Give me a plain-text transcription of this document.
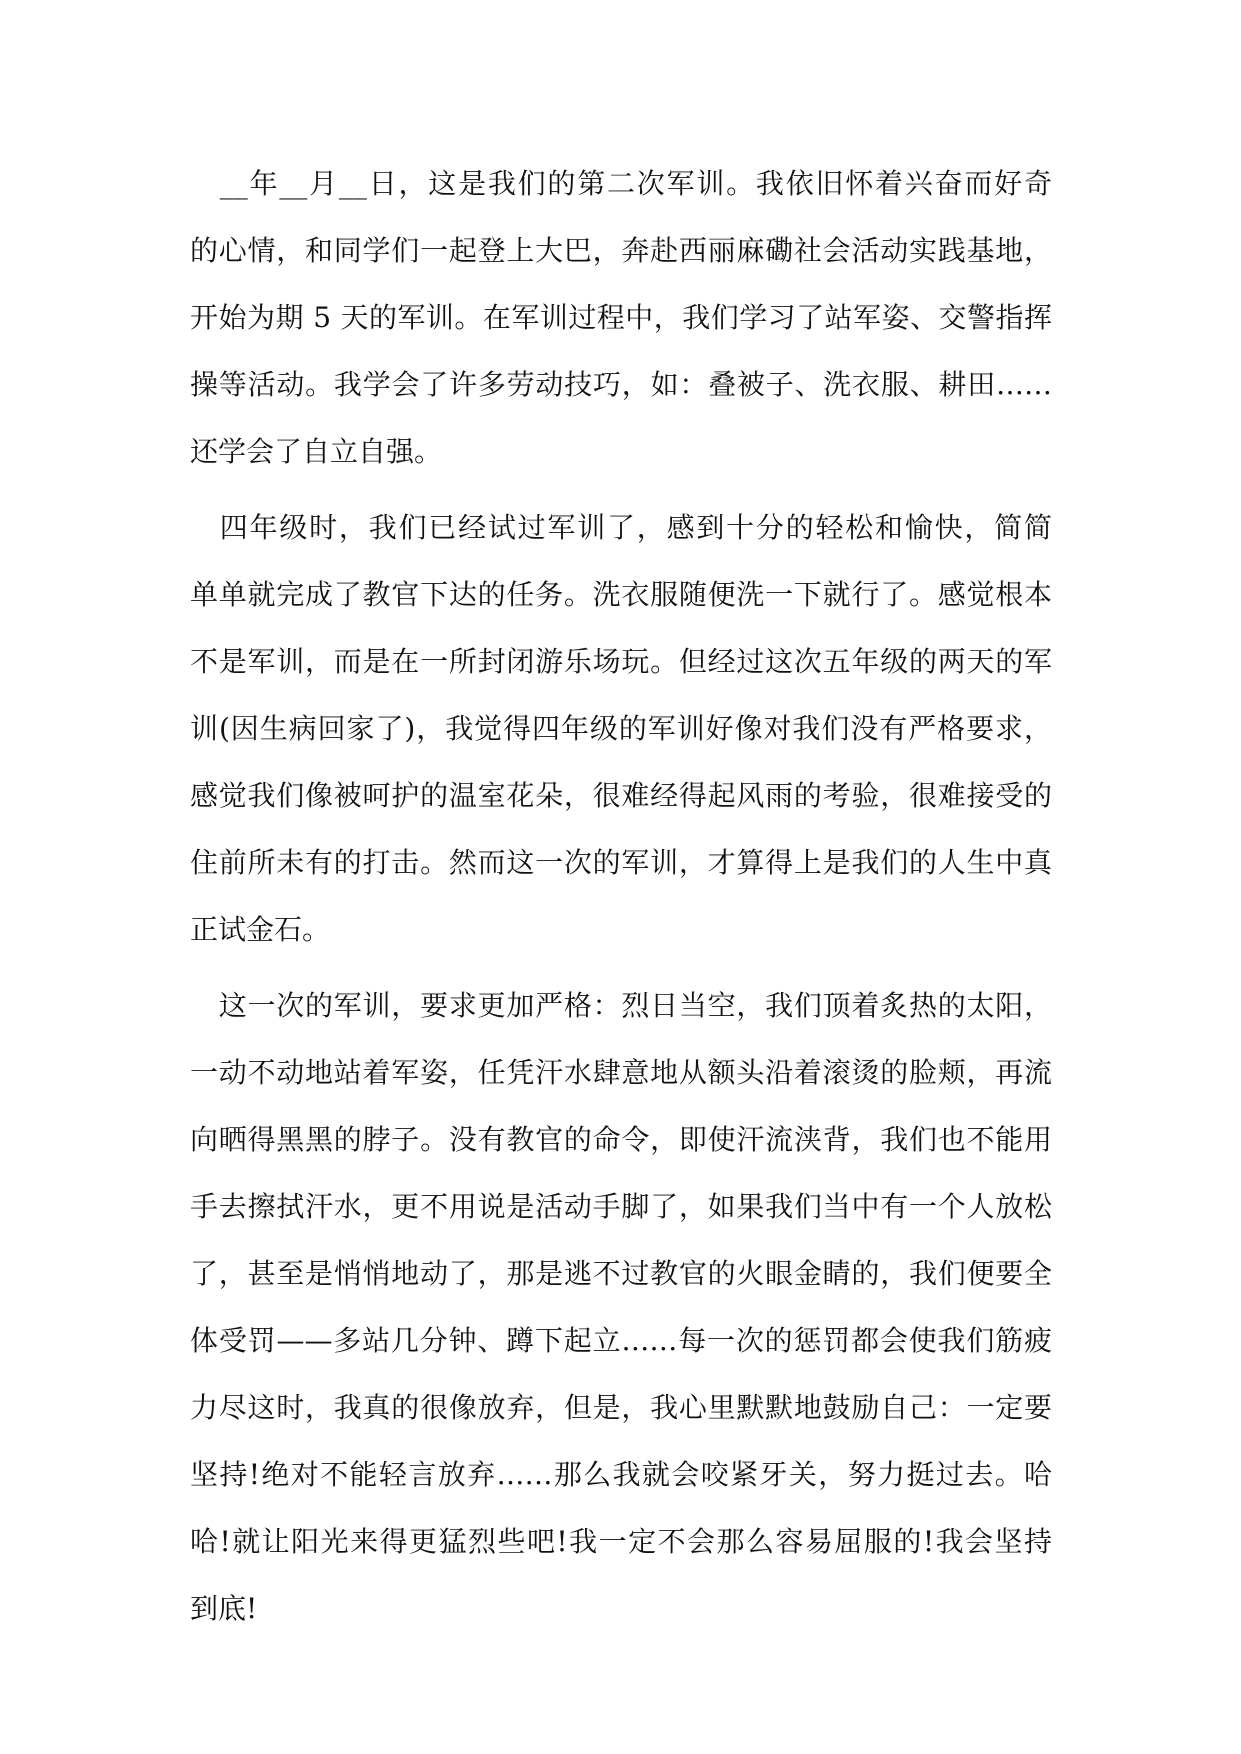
　__年__月__日，这是我们的第二次军训。我依旧怀着兴奋而好奇
的心情，和同学们一起登上大巴，奔赴西丽麻磡社会活动实践基地，
开始为期 5 天的军训。在军训过程中，我们学习了站军姿、交警指挥
操等活动。我学会了许多劳动技巧，如：叠被子、洗衣服、耕田……
还学会了自立自强。
　四年级时，我们已经试过军训了，感到十分的轻松和愉快，简简
单单就完成了教官下达的任务。洗衣服随便洗一下就行了。感觉根本
不是军训，而是在一所封闭游乐场玩。但经过这次五年级的两天的军
训(因生病回家了)，我觉得四年级的军训好像对我们没有严格要求，
感觉我们像被呵护的温室花朵，很难经得起风雨的考验，很难接受的
住前所未有的打击。然而这一次的军训，才算得上是我们的人生中真
正试金石。
　这一次的军训，要求更加严格：烈日当空，我们顶着炙热的太阳，
一动不动地站着军姿，任凭汗水肆意地从额头沿着滚烫的脸颊，再流
向晒得黑黑的脖子。没有教官的命令，即使汗流浃背，我们也不能用
手去擦拭汗水，更不用说是活动手脚了，如果我们当中有一个人放松
了，甚至是悄悄地动了，那是逃不过教官的火眼金睛的，我们便要全
体受罚——多站几分钟、蹲下起立……每一次的惩罚都会使我们筋疲
力尽这时，我真的很像放弃，但是，我心里默默地鼓励自己：一定要
坚持!绝对不能轻言放弃……那么我就会咬紧牙关，努力挺过去。哈
哈!就让阳光来得更猛烈些吧!我一定不会那么容易屈服的!我会坚持
到底!
